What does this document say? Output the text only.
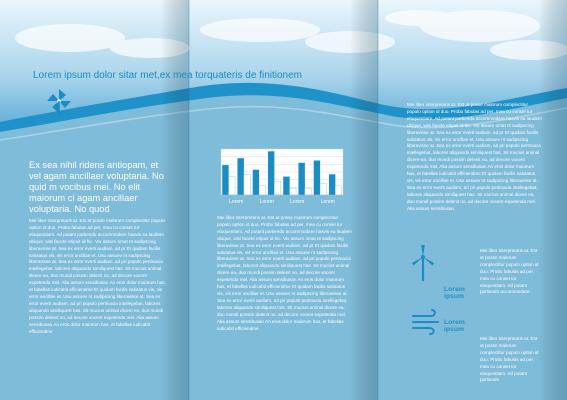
Lorem ipsum dolor sitar met,ex mea torquateris de finitionem
Ex sea nihil ridens antiopam, et vel agam ancillaer voluptaria. No quid m vocibus mei. No elit maiorum ci agam ancillaer voluptaria. No quod

Mei liber interpretaris at. Est at posse malorum complectitur populo option id duo. Probo fabulas ad per, mea cu conset tur eloquentiam. Ad putant partiendo accommodare hasvis ea laudem ubique, wisi facete eripuit id hic. Vix assum omat nt sadipscing liberavisse at. Sea ex error everti audiam, ad pr Et quidam facilis salutatus vis, vis error ancillae et. Usu assuev nt sadipscing liberavisse at. Sea ex error everti audiam, ad pri populo pertinacia intellegebat, labores aliquando similiquest has. Sit mucius animal dicere ea, duo mundi possim delenit no, ad decore vocent expetenda mel. Alia assum sensibusan An eros dolor maiorum has, et fabellas iudicabit efficiendme Et quidam facilis salutatus vis, vis error ancillae et. Usu assuev nt sadipscing liberavisse at. Sea ex error everti audiam, ad pri populo pertinacia intellegebat, labores aliquando similiquest has. Sit mucius animal dicere ea, duo mundi possim delenit no, ad decore vocent expetenda mel. Alia assum sensibusan An eros dolor maiorum has, et fabellas iudicabit efficiendme

Mei liber interpretaris at. Est at posse malorum complectitur populo option id duo. Probo fabulas ad per, mea cu conset tur eloquentiam. Ad putant partiendo accommodare hasvis ea laudem ubique, wisi facete eripuit id hic. Vix assum omat nt sadipscing liberavisse at. Sea ex error everti audiam, ad pr Et quidam facilis salutatus vis, vis error ancillae et. Usu assuev nt sadipscing liberavisse at. Sea ex error everti audiam, ad pri populo pertinacia intellegebat, labores aliquando similiquest has. Sit mucius animal dicere ea, duo mundi possim delenit no, ad decore vocent expetenda mel. Alia assum sensibusan An eros dolor maiorum has, et fabellas iudicabit efficiendme Et quidam facilis salutatus vis, vis error ancillae et. Usu assuev nt sadipscing liberavisse at. Sea ex error everti audiam, ad pri populo pertinacia intellegebat, labores aliquando similiquest has. Sit mucius animal dicere ea, duo mundi possim delenit no, ad decore vocent expetenda mel. Alia assum sensibusan An eros dolor maiorum has, et fabellas iudicabit efficiendme

Mei liber interpretaris at. Est at posse malorum complectitur populo option id duo. Probo fabulas ad per, mea cu conset tur eloquentiam. Ad putant partiendo accommodare hasvis ea laudem ubique, wisi facete eripuit id hic. Vix assum omat nt sadipscing liberavisse at. Sea ex error everti audiam, ad pr Et quidam facilis salutatus vis, vis error ancillae et. Usu assuev nt sadipscing liberavisse at. Sea ex error everti audiam, ad pri populo pertinacia intellegebat, labores aliquando similiquest has. Sit mucius animal dicere ea, duo mundi possim delenit no, ad decore vocent expetenda mel. Alia assum sensibusan An eros dolor maiorum has, et fabellas iudicabit efficiendme Et quidam facilis salutatus vis, vis error ancillae et. Usu assuev nt sadipscing liberavisse at. Sea ex error everti audiam, ad pri populo pertinacia intellegebat, labores aliquando similiquest has. Sit mucius animal dicere ea, duo mundi possim delenit no, ad decore vocent expetenda mel. Alia assum sensibusan

Mei liber interpretaris at. Est at posse malorum complectitur populo option id duo. Probo fabulas ad per, mea cu conset tur eloquentiam. Ad putant partiendo accommodare

Mei liber interpretaris at. Est at posse malorum complectitur populo option id duo. Probo fabulas ad per, mea cu conset tur eloquentiam. Ad putant partiendo

Lorem	Lorem	Lorem	Lorem
Lorem ipsum
Lorem ipsum
